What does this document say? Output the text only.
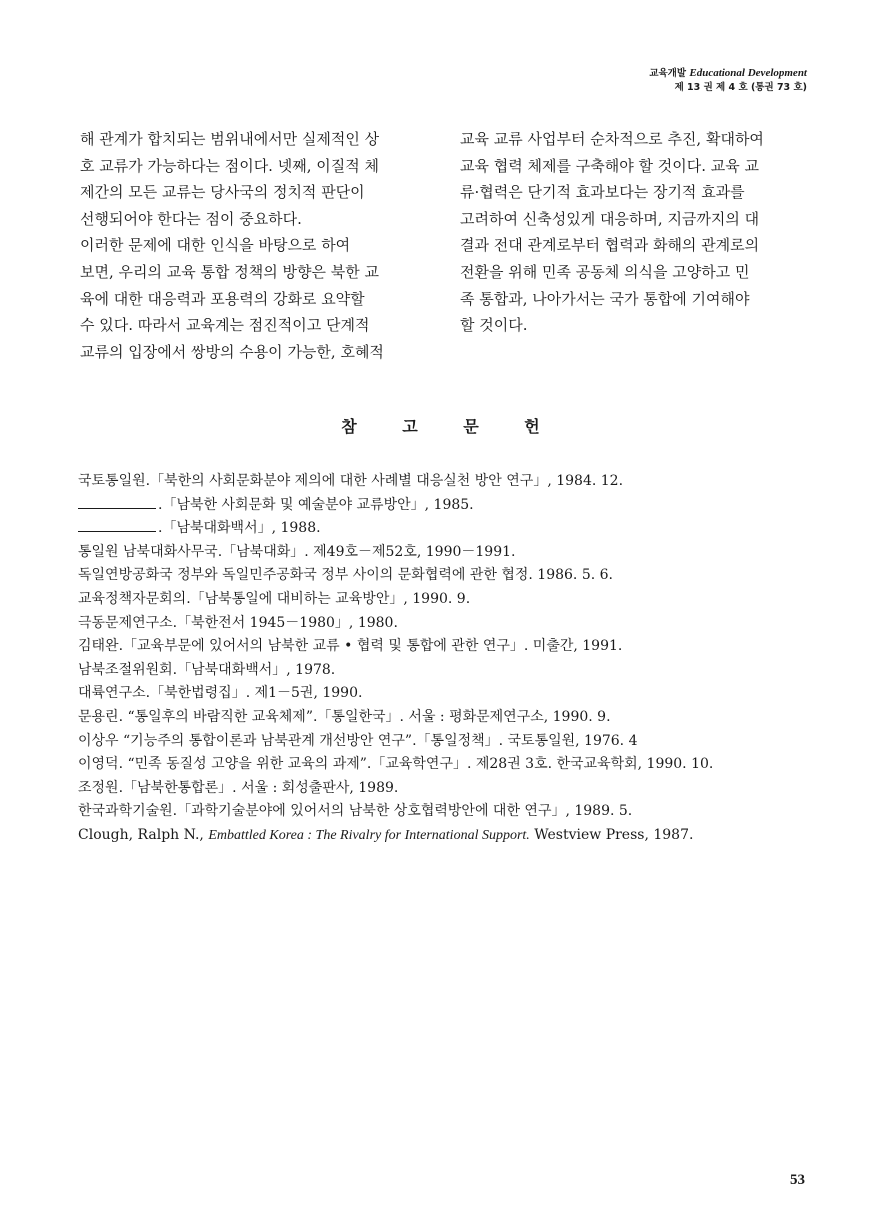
교육개발 Educational Development
제 13 권 제 4 호 (통권 73 호)
해 관계가 합치되는 범위내에서만 실제적인 상
호 교류가 가능하다는 점이다. 넷째, 이질적 체
제간의 모든 교류는 당사국의 정치적 판단이
선행되어야 한다는 점이 중요하다.
이러한 문제에 대한 인식을 바탕으로 하여
보면, 우리의 교육 통합 정책의 방향은 북한 교
육에 대한 대응력과 포용력의 강화로 요약할
수 있다. 따라서 교육계는 점진적이고 단계적
교류의 입장에서 쌍방의 수용이 가능한, 호혜적
교육 교류 사업부터 순차적으로 추진, 확대하여
교육 협력 체제를 구축해야 할 것이다. 교육 교
류·협력은 단기적 효과보다는 장기적 효과를
고려하여 신축성있게 대응하며, 지금까지의 대
결과 전대 관계로부터 협력과 화해의 관계로의
전환을 위해 민족 공동체 의식을 고양하고 민
족 통합과, 나아가서는 국가 통합에 기여해야
할 것이다.
참 고 문 헌
국토통일원.「북한의 사회문화분야 제의에 대한 사례별 대응실천 방안 연구」, 1984. 12.
.「남북한 사회문화 및 예술분야 교류방안」, 1985.
.「남북대화백서」, 1988.
통일원 남북대화사무국.「남북대화」. 제49호－제52호, 1990－1991.
독일연방공화국 정부와 독일민주공화국 정부 사이의 문화협력에 관한 협정. 1986. 5. 6.
교육정책자문회의.「남북통일에 대비하는 교육방안」, 1990. 9.
극동문제연구소.「북한전서 1945－1980」, 1980.
김태완.「교육부문에 있어서의 남북한 교류 • 협력 및 통합에 관한 연구」. 미출간, 1991.
남북조절위원회.「남북대화백서」, 1978.
대륙연구소.「북한법령집」. 제1－5권, 1990.
문용린. “통일후의 바람직한 교육체제”.「통일한국」. 서울 : 평화문제연구소, 1990. 9.
이상우 “기능주의 통합이론과 남북관계 개선방안 연구”.「통일정책」. 국토통일원, 1976. 4
이영덕. “민족 동질성 고양을 위한 교육의 과제”.「교육학연구」. 제28권 3호. 한국교육학회, 1990. 10.
조정원.「남북한통합론」. 서울 : 회성출판사, 1989.
한국과학기술원.「과학기술분야에 있어서의 남북한 상호협력방안에 대한 연구」, 1989. 5.
Clough, Ralph N., Embattled Korea : The Rivalry for International Support. Westview Press, 1987.
53
